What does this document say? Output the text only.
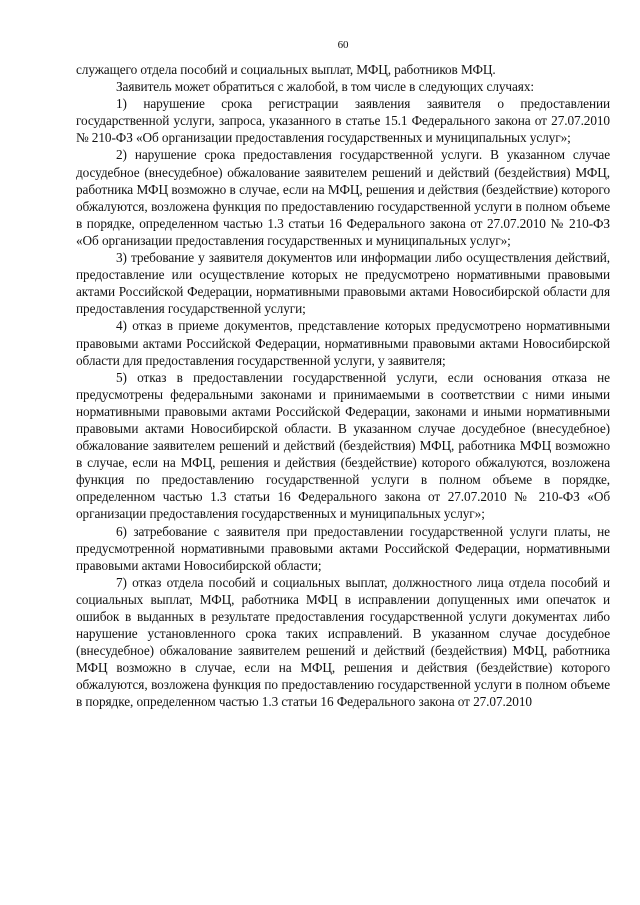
60

служащего отдела пособий и социальных выплат, МФЦ, работников МФЦ.

Заявитель может обратиться с жалобой, в том числе в следующих случаях:

1) нарушение срока регистрации заявления заявителя о предоставлении государственной услуги, запроса, указанного в статье 15.1 Федерального закона от 27.07.2010 № 210-ФЗ «Об организации предоставления государственных и муниципальных услуг»;

2) нарушение срока предоставления государственной услуги. В указанном случае досудебное (внесудебное) обжалование заявителем решений и действий (бездействия) МФЦ, работника МФЦ возможно в случае, если на МФЦ, решения и действия (бездействие) которого обжалуются, возложена функция по предоставлению государственной услуги в полном объеме в порядке, определенном частью 1.3 статьи 16 Федерального закона от 27.07.2010 № 210-ФЗ «Об организации предоставления государственных и муниципальных услуг»;

3) требование у заявителя документов или информации либо осуществления действий, предоставление или осуществление которых не предусмотрено нормативными правовыми актами Российской Федерации, нормативными правовыми актами Новосибирской области для предоставления государственной услуги;

4) отказ в приеме документов, представление которых предусмотрено нормативными правовыми актами Российской Федерации, нормативными правовыми актами Новосибирской области для предоставления государственной услуги, у заявителя;

5) отказ в предоставлении государственной услуги, если основания отказа не предусмотрены федеральными законами и принимаемыми в соответствии с ними иными нормативными правовыми актами Российской Федерации, законами и иными нормативными правовыми актами Новосибирской области. В указанном случае досудебное (внесудебное) обжалование заявителем решений и действий (бездействия) МФЦ, работника МФЦ возможно в случае, если на МФЦ, решения и действия (бездействие) которого обжалуются, возложена функция по предоставлению государственной услуги в полном объеме в порядке, определенном частью 1.3 статьи 16 Федерального закона от 27.07.2010 № 210-ФЗ «Об организации предоставления государственных и муниципальных услуг»;

6) затребование с заявителя при предоставлении государственной услуги платы, не предусмотренной нормативными правовыми актами Российской Федерации, нормативными правовыми актами Новосибирской области;

7) отказ отдела пособий и социальных выплат, должностного лица отдела пособий и социальных выплат, МФЦ, работника МФЦ в исправлении допущенных ими опечаток и ошибок в выданных в результате предоставления государственной услуги документах либо нарушение установленного срока таких исправлений. В указанном случае досудебное (внесудебное) обжалование заявителем решений и действий (бездействия) МФЦ, работника МФЦ возможно в случае, если на МФЦ, решения и действия (бездействие) которого обжалуются, возложена функция по предоставлению государственной услуги в полном объеме в порядке, определенном частью 1.3 статьи 16 Федерального закона от 27.07.2010
